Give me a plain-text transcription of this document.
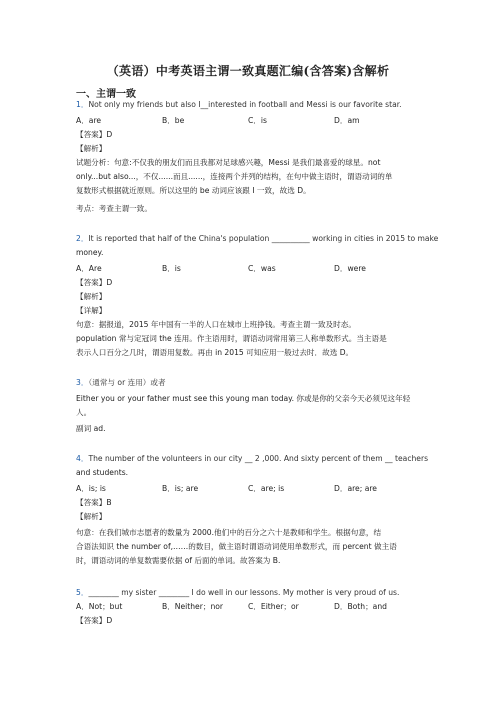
（英语）中考英语主谓一致真题汇编(含答案)含解析
一、主谓一致
1．Not only my friends but also I__interested in football and Messi is our favorite star.
A．are	B．be	C．is	D．am
【答案】D
【解析】
试题分析：句意:不仅我的朋友们而且我都对足球感兴趣，Messi 是我们最喜爱的球星。not
only...but also...，不仅......而且......，连接两个并列的结构，在句中做主语时，谓语动词的单
复数形式根据就近原则。所以这里的 be 动词应该跟 I 一致，故选 D。
考点：考查主谓一致。
2．It is reported that half of the China's population __________ working in cities in 2015 to make
money.
A．Are	B．is	C．was	D．were
【答案】D
【解析】
【详解】
句意：据报道，2015 年中国有一半的人口在城市上班挣钱。考查主谓一致及时态。
population 常与定冠词 the 连用。作主语用时，谓语动词常用第三人称单数形式。当主语是
表示人口百分之几时，谓语用复数。再由 in 2015 可知应用一般过去时．故选 D。
3．（通常与 or 连用）或者
Either you or your father must see this young man today. 你或是你的父亲今天必须见这年轻
人。
副词 ad.
4．The number of the volunteers in our city __ 2 ,000. And sixty percent of them __ teachers
and students.
A．is; is	B．is; are	C．are; is	D．are; are
【答案】B
【解析】
句意：在我们城市志愿者的数量为 2000.他们中的百分之六十是教师和学生。根据句意，结
合语法知识 the number of,……的数目，做主语时谓语动词使用单数形式，而 percent 做主语
时，谓语动词的单复数需要依据 of 后面的单词。故答案为 B.
5．________ my sister ________ I do well in our lessons. My mother is very proud of us.
A．Not；but	B．Neither；nor	C．Either；or	D．Both；and
【答案】D
